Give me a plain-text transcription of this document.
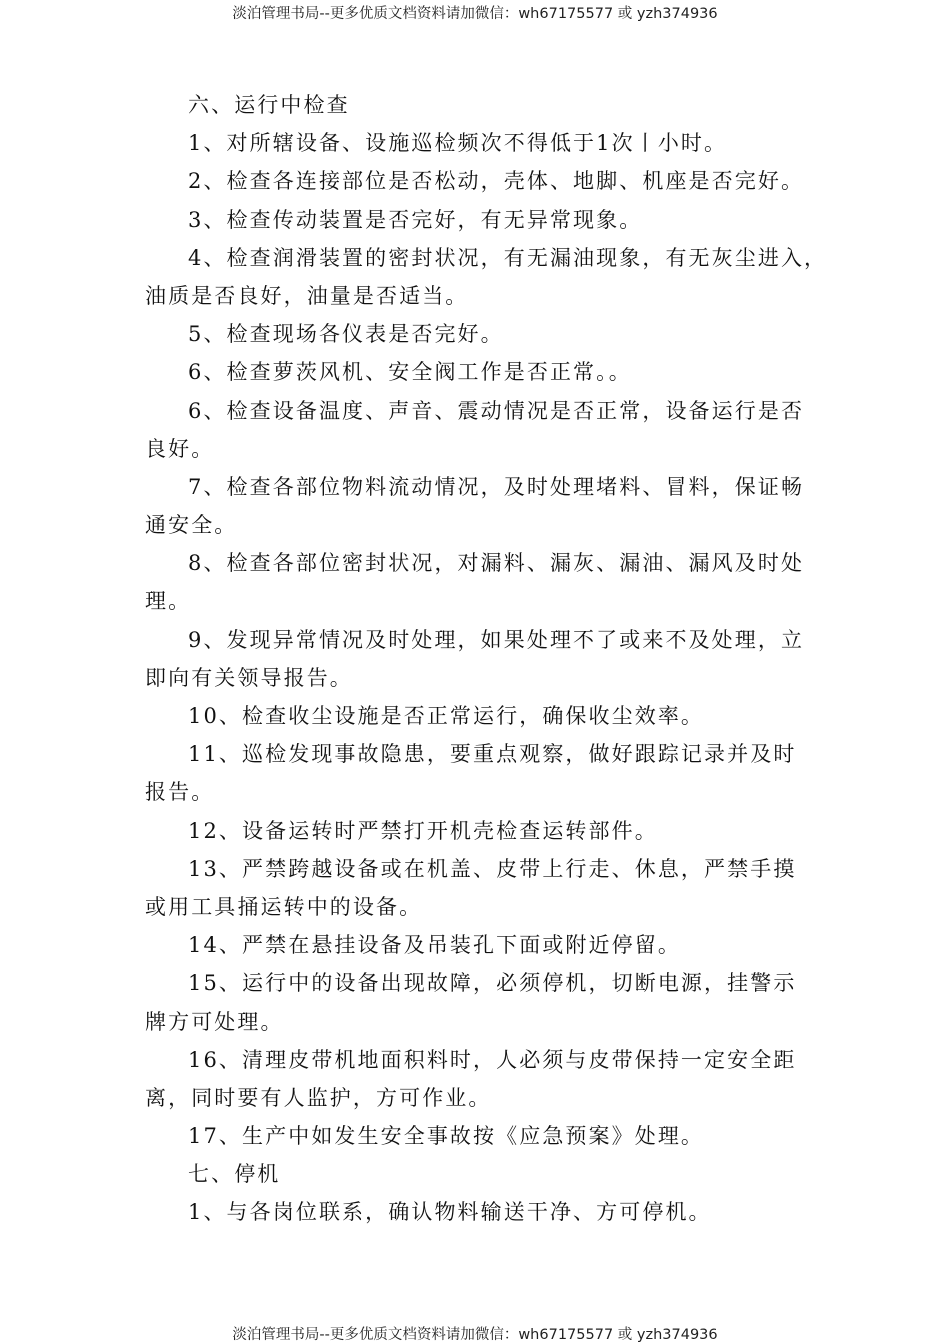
淡泊管理书局--更多优质文档资料请加微信：wh67175577 或 yzh374936
六、运行中检查
1、对所辖设备、设施巡检频次不得低于1次丨小时。
2、检查各连接部位是否松动，壳体、地脚、机座是否完好。
3、检查传动装置是否完好，有无异常现象。
4、检查润滑装置的密封状况，有无漏油现象，有无灰尘进入，
油质是否良好，油量是否适当。
5、检查现场各仪表是否完好。
6、检查萝茨风机、安全阀工作是否正常。。
6、检查设备温度、声音、震动情况是否正常，设备运行是否
良好。
7、检查各部位物料流动情况，及时处理堵料、冒料，保证畅
通安全。
8、检查各部位密封状况，对漏料、漏灰、漏油、漏风及时处
理。
9、发现异常情况及时处理，如果处理不了或来不及处理，立
即向有关领导报告。
10、检查收尘设施是否正常运行，确保收尘效率。
11、巡检发现事故隐患，要重点观察，做好跟踪记录并及时
报告。
12、设备运转时严禁打开机壳检查运转部件。
13、严禁跨越设备或在机盖、皮带上行走、休息，严禁手摸
或用工具捅运转中的设备。
14、严禁在悬挂设备及吊装孔下面或附近停留。
15、运行中的设备出现故障，必须停机，切断电源，挂警示
牌方可处理。
16、清理皮带机地面积料时，人必须与皮带保持一定安全距
离，同时要有人监护，方可作业。
17、生产中如发生安全事故按《应急预案》处理。
七、停机
1、与各岗位联系，确认物料输送干净、方可停机。
淡泊管理书局--更多优质文档资料请加微信：wh67175577 或 yzh374936
